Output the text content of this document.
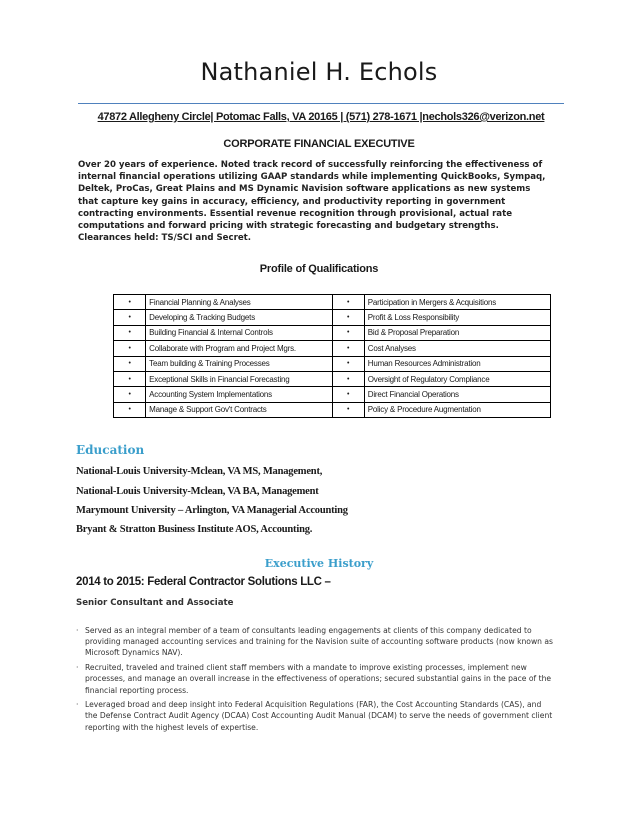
Nathaniel H. Echols
47872 Allegheny Circle| Potomac Falls, VA 20165 | (571) 278-1671 |nechols326@verizon.net
CORPORATE FINANCIAL EXECUTIVE
Over 20 years of experience. Noted track record of successfully reinforcing the effectiveness of internal financial operations utilizing GAAP standards while implementing QuickBooks, Sympaq, Deltek, ProCas, Great Plains and MS Dynamic Navision software applications as new systems that capture key gains in accuracy, efficiency, and productivity reporting in government contracting environments. Essential revenue recognition through provisional, actual rate computations and forward pricing with strategic forecasting and budgetary strengths. Clearances held: TS/SCI and Secret.
Profile of Qualifications
•	Financial Planning & Analyses	•	Participation in Mergers & Acquisitions
•	Developing & Tracking Budgets	•	Profit & Loss Responsibility
•	Building Financial & Internal Controls	•	Bid & Proposal Preparation
•	Collaborate with Program and Project Mgrs.	•	Cost Analyses
•	Team building & Training Processes	•	Human Resources Administration
•	Exceptional Skills in Financial Forecasting	•	Oversight of Regulatory Compliance
•	Accounting System Implementations	•	Direct Financial Operations
•	Manage & Support Gov't Contracts	•	Policy & Procedure Augmentation
Education
National-Louis University-Mclean, VA MS, Management,
National-Louis University-Mclean, VA BA, Management
Marymount University – Arlington, VA Managerial Accounting
Bryant & Stratton Business Institute AOS, Accounting.
Executive History
2014 to 2015: Federal Contractor Solutions LLC –
Senior Consultant and Associate
· Served as an integral member of a team of consultants leading engagements at clients of this company dedicated to providing managed accounting services and training for the Navision suite of accounting software products (now known as Microsoft Dynamics NAV).
· Recruited, traveled and trained client staff members with a mandate to improve existing processes, implement new processes, and manage an overall increase in the effectiveness of operations; secured substantial gains in the pace of the financial reporting process.
· Leveraged broad and deep insight into Federal Acquisition Regulations (FAR), the Cost Accounting Standards (CAS), and the Defense Contract Audit Agency (DCAA) Cost Accounting Audit Manual (DCAM) to serve the needs of government client reporting with the highest levels of expertise.
